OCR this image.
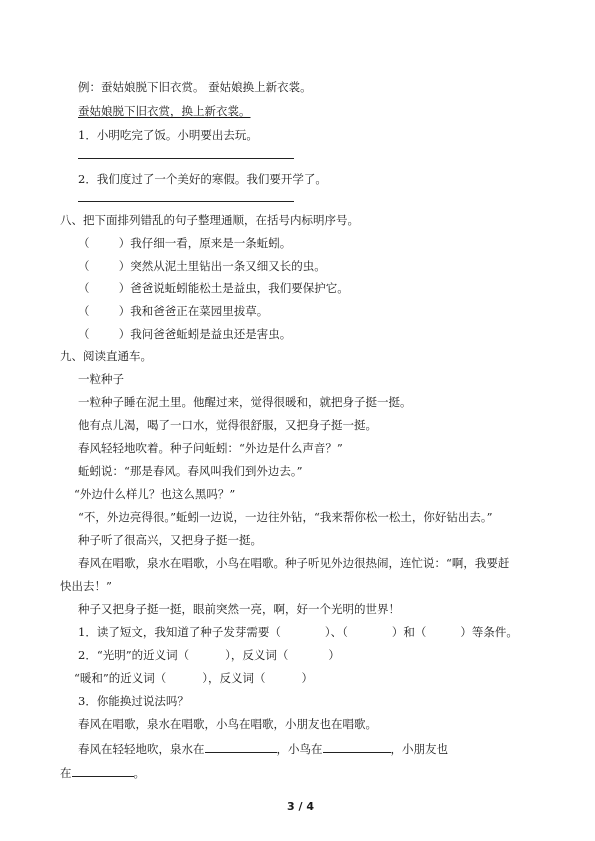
例：蚕姑娘脱下旧衣赏。 蚕姑娘换上新衣裳。
蚕姑娘脱下旧衣赏，换上新衣裳。
1．小明吃完了饭。小明要出去玩。
2．我们度过了一个美好的寒假。我们要开学了。
八、把下面排列错乱的句子整理通顺，在括号内标明序号。
（        ）我仔细一看，原来是一条蚯蚓。
（        ）突然从泥土里钻出一条又细又长的虫。
（        ）爸爸说蚯蚓能松土是益虫，我们要保护它。
（        ）我和爸爸正在菜园里拔草。
（        ）我问爸爸蚯蚓是益虫还是害虫。
九、阅读直通车。
一粒种子
一粒种子睡在泥土里。他醒过来，觉得很暖和，就把身子挺一挺。
他有点儿渴，喝了一口水，觉得很舒服，又把身子挺一挺。
春风轻轻地吹着。种子问蚯蚓：“外边是什么声音？”
蚯蚓说：“那是春风。春风叫我们到外边去。”
“外边什么样儿？也这么黑吗？”
“不，外边亮得很。”蚯蚓一边说，一边往外钻，“我来帮你松一松土，你好钻出去。”
种子听了很高兴，又把身子挺一挺。
春风在唱歌，泉水在唱歌，小鸟在唱歌。种子听见外边很热闹，连忙说：“啊，我要赶
快出去！”
种子又把身子挺一挺，眼前突然一亮，啊，好一个光明的世界！
1．读了短文，我知道了种子发芽需要（	）、（	）和（	）等条件。
2．“光明”的近义词（	），反义词（	）
“暖和”的近义词（	），反义词（	）
3．你能换过说法吗？
春风在唱歌，泉水在唱歌，小鸟在唱歌，小朋友也在唱歌。
春风在轻轻地吹，泉水在	，小鸟在	，小朋友也
在	。
3 / 4
